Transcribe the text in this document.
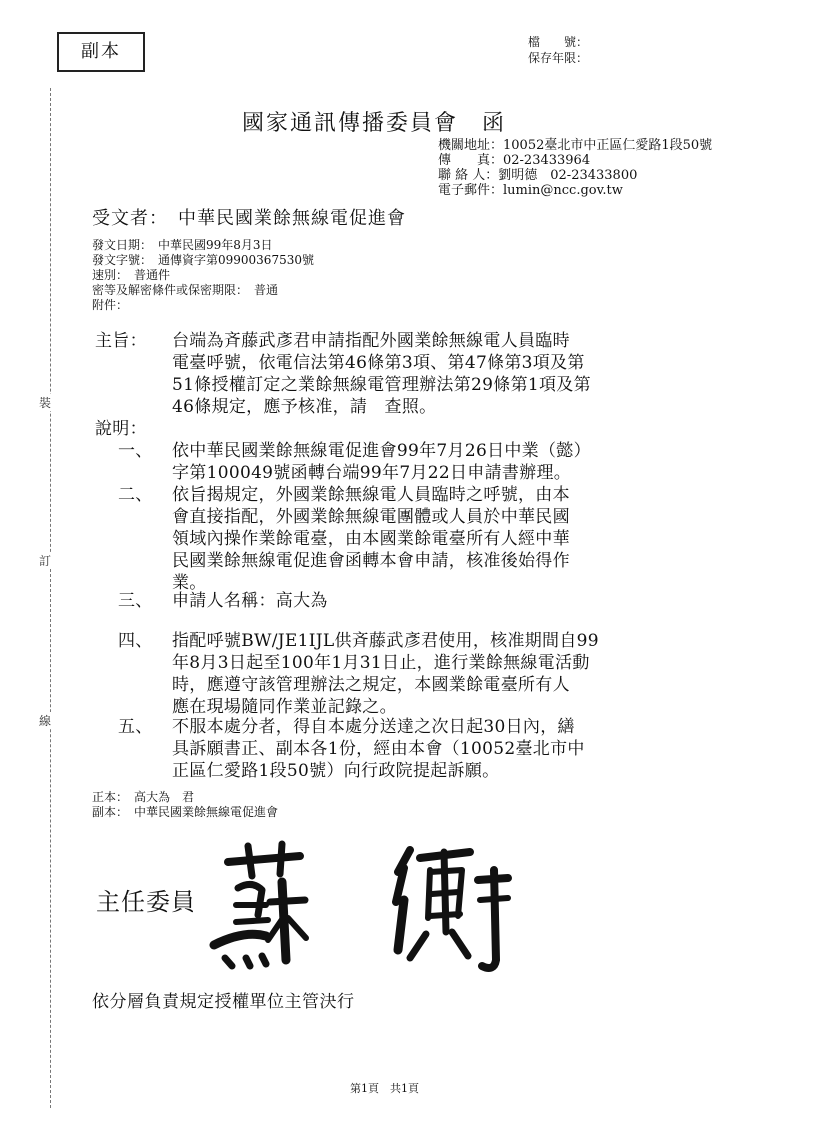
副本	檔　　號：
保存年限：
裝
訂
線
國家通訊傳播委員會　函
機關地址：10052臺北市中正區仁愛路1段50號
傳　　真：02-23433964
聯 絡 人：劉明德　02-23433800
電子郵件：lumin@ncc.gov.tw
受文者：　中華民國業餘無線電促進會
發文日期：　中華民國99年8月3日
發文字號：　通傳資字第09900367530號
速別：　普通件
密等及解密條件或保密期限：　普通
附件：
主旨： 台端為斉藤武彥君申請指配外國業餘無線電人員臨時
電臺呼號，依電信法第46條第3項、第47條第3項及第
51條授權訂定之業餘無線電管理辦法第29條第1項及第
46條規定，應予核准，請　查照。
說明：
一、 依中華民國業餘無線電促進會99年7月26日中業（懿）
字第100049號函轉台端99年7月22日申請書辦理。
二、 依旨揭規定，外國業餘無線電人員臨時之呼號，由本
會直接指配，外國業餘無線電團體或人員於中華民國
領域內操作業餘電臺，由本國業餘電臺所有人經中華
民國業餘無線電促進會函轉本會申請，核准後始得作
業。
三、 申請人名稱：高大為
四、 指配呼號BW/JE1IJL供斉藤武彥君使用，核准期間自99
年8月3日起至100年1月31日止，進行業餘無線電活動
時，應遵守該管理辦法之規定，本國業餘電臺所有人
應在現場隨同作業並記錄之。
五、 不服本處分者，得自本處分送達之次日起30日內，繕
具訴願書正、副本各1份，經由本會（10052臺北市中
正區仁愛路1段50號）向行政院提起訴願。
正本：　高大為　君
副本：　中華民國業餘無線電促進會
主任委員
依分層負責規定授權單位主管決行
第1頁　共1頁
